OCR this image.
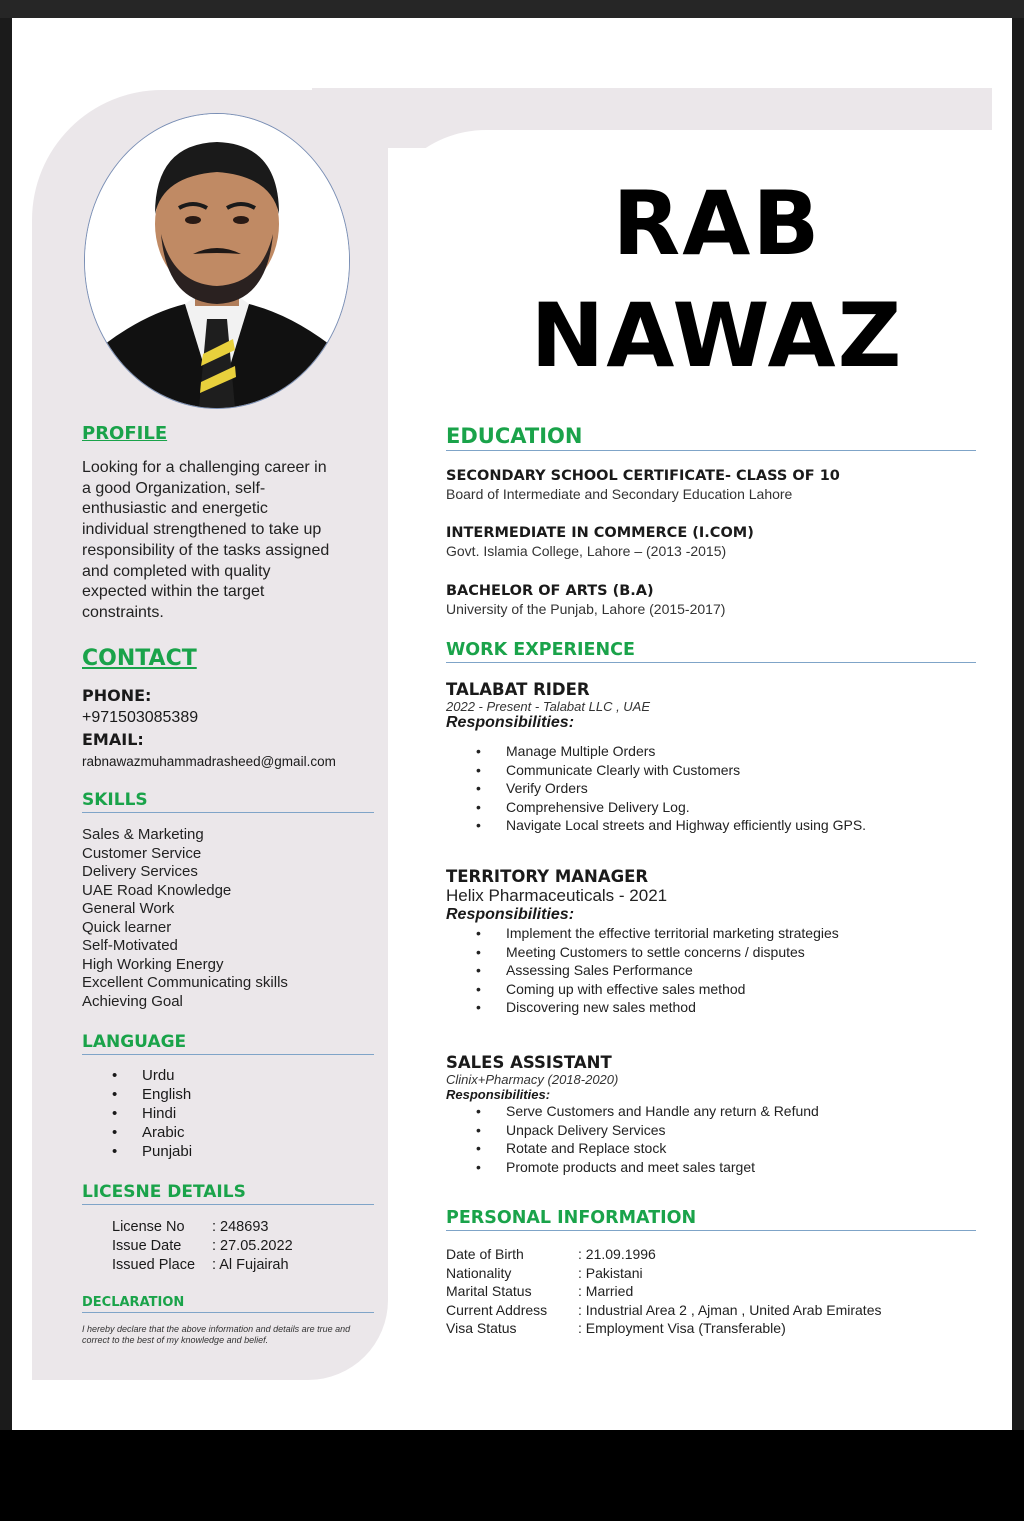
RAB
NAWAZ
PROFILE
Looking for a challenging career in
a good Organization, self-
enthusiastic and energetic
individual strengthened to take up
responsibility of the tasks assigned
and completed with quality
expected within the target
constraints.
CONTACT
PHONE:
+971503085389
EMAIL:
rabnawazmuhammadrasheed@gmail.com
SKILLS
Sales & Marketing
Customer Service
Delivery Services
UAE Road Knowledge
General Work
Quick learner
Self-Motivated
High Working Energy
Excellent Communicating skills
Achieving Goal
LANGUAGE
• Urdu
• English
• Hindi
• Arabic
• Punjabi
LICESNE DETAILS
License No	: 248693
Issue Date	: 27.05.2022
Issued Place	: Al Fujairah
DECLARATION
I hereby declare that the above information and details are true and correct to the best of my knowledge and belief.
EDUCATION
SECONDARY SCHOOL CERTIFICATE- CLASS OF 10
Board of Intermediate and Secondary Education Lahore
INTERMEDIATE IN COMMERCE (I.COM)
Govt. Islamia College, Lahore – (2013 -2015)
BACHELOR OF ARTS (B.A)
University of the Punjab, Lahore (2015-2017)
WORK EXPERIENCE
TALABAT RIDER
2022 - Present - Talabat LLC , UAE
Responsibilities:
• Manage Multiple Orders
• Communicate Clearly with Customers
• Verify Orders
• Comprehensive Delivery Log.
• Navigate Local streets and Highway efficiently using GPS.
TERRITORY MANAGER
Helix Pharmaceuticals - 2021
Responsibilities:
• Implement the effective territorial marketing strategies
• Meeting Customers to settle concerns / disputes
• Assessing Sales Performance
• Coming up with effective sales method
• Discovering new sales method
SALES ASSISTANT
Clinix+Pharmacy (2018-2020)
Responsibilities:
• Serve Customers and Handle any return & Refund
• Unpack Delivery Services
• Rotate and Replace stock
• Promote products and meet sales target
PERSONAL INFORMATION
Date of Birth	: 21.09.1996
Nationality	: Pakistani
Marital Status	: Married
Current Address	: Industrial Area 2 , Ajman , United Arab Emirates
Visa Status	: Employment Visa (Transferable)
